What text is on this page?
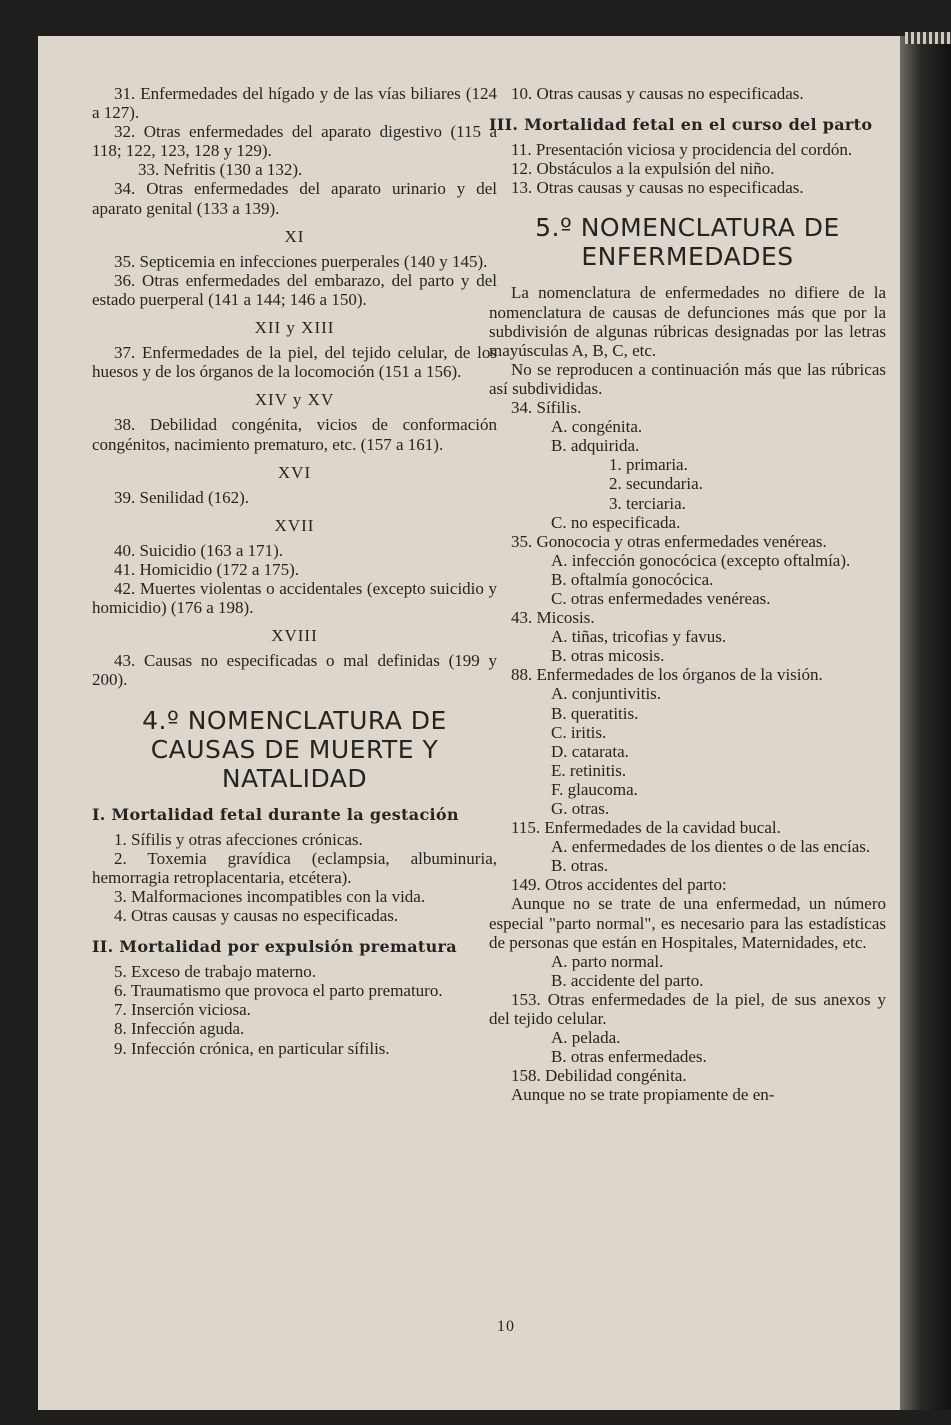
31. Enfermedades del hígado y de las vías biliares (124 a 127).

32. Otras enfermedades del aparato digestivo (115 a 118; 122, 123, 128 y 129).

33. Nefritis (130 a 132).

34. Otras enfermedades del aparato urinario y del aparato genital (133 a 139).

XI

35. Septicemia en infecciones puerperales (140 y 145).

36. Otras enfermedades del embarazo, del parto y del estado puerperal (141 a 144; 146 a 150).

XII y XIII

37. Enfermedades de la piel, del tejido celular, de los huesos y de los órganos de la locomoción (151 a 156).

XIV y XV

38. Debilidad congénita, vicios de conformación congénitos, nacimiento prematuro, etc. (157 a 161).

XVI

39. Senilidad (162).

XVII

40. Suicidio (163 a 171).

41. Homicidio (172 a 175).

42. Muertes violentas o accidentales (excepto suicidio y homicidio) (176 a 198).

XVIII

43. Causas no especificadas o mal definidas (199 y 200).

4.º NOMENCLATURA DE CAUSAS DE MUERTE Y NATALIDAD
I. Mortalidad fetal durante la gestación

1. Sífilis y otras afecciones crónicas.

2. Toxemia gravídica (eclampsia, albuminuria, hemorragia retroplacentaria, etcétera).

3. Malformaciones incompatibles con la vida.

4. Otras causas y causas no especificadas.

II. Mortalidad por expulsión prematura

5. Exceso de trabajo materno.

6. Traumatismo que provoca el parto prematuro.

7. Inserción viciosa.

8. Infección aguda.

9. Infección crónica, en particular sífilis.

10. Otras causas y causas no especificadas.

III. Mortalidad fetal en el curso del parto

11. Presentación viciosa y procidencia del cordón.

12. Obstáculos a la expulsión del niño.

13. Otras causas y causas no especificadas.

5.º NOMENCLATURA DE ENFERMEDADES

La nomenclatura de enfermedades no difiere de la nomenclatura de causas de defunciones más que por la subdivisión de algunas rúbricas designadas por las letras mayúsculas A, B, C, etc.

No se reproducen a continuación más que las rúbricas así subdivididas.

34. Sífilis.

A. congénita.

B. adquirida.

1. primaria.

2. secundaria.

3. terciaria.

C. no especificada.

35. Gonococia y otras enfermedades venéreas.

A. infección gonocócica (excepto oftalmía).

B. oftalmía gonocócica.

C. otras enfermedades venéreas.

43. Micosis.

A. tiñas, tricofias y favus.

B. otras micosis.

88. Enfermedades de los órganos de la visión.

A. conjuntivitis.

B. queratitis.

C. iritis.

D. catarata.

E. retinitis.

F. glaucoma.

G. otras.

115. Enfermedades de la cavidad bucal.

A. enfermedades de los dientes o de las encías.

B. otras.

149. Otros accidentes del parto:

Aunque no se trate de una enfermedad, un número especial "parto normal", es necesario para las estadísticas de personas que están en Hospitales, Maternidades, etc.

A. parto normal.

B. accidente del parto.

153. Otras enfermedades de la piel, de sus anexos y del tejido celular.

A. pelada.

B. otras enfermedades.

158. Debilidad congénita.

Aunque no se trate propiamente de en-

10
